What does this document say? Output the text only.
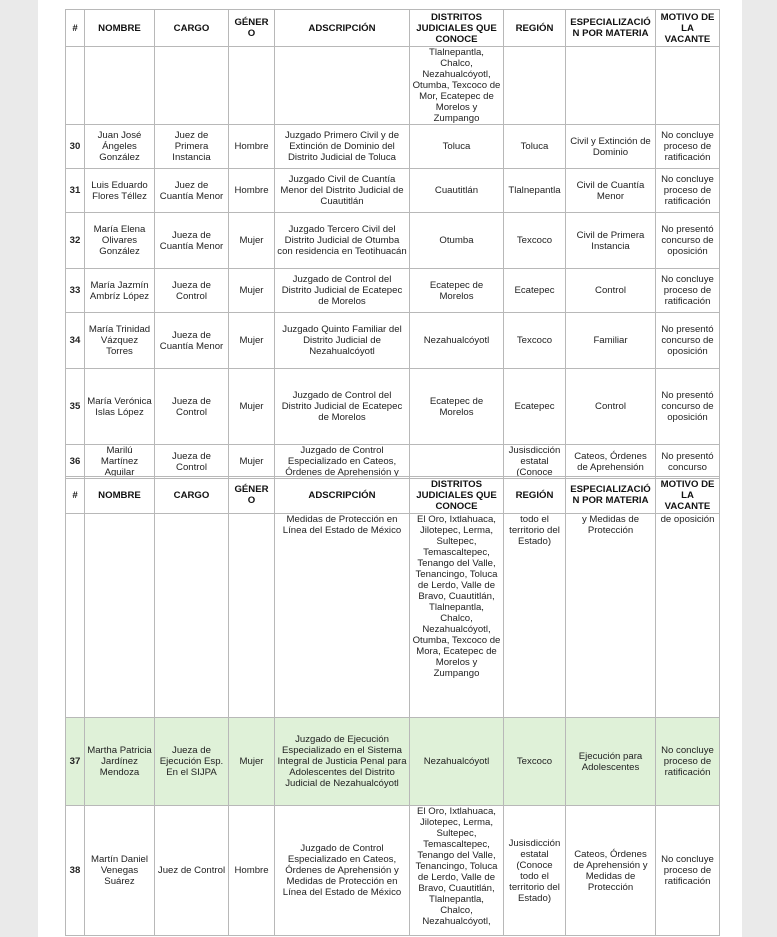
#	NOMBRE	CARGO	GÉNERO	ADSCRIPCIÓN	DISTRITOS JUDICIALES QUE CONOCE	REGIÓN	ESPECIALIZACIÓN POR MATERIA	MOTIVO DE LA VACANTE
					Tlalnepantla, Chalco, Nezahualcóyotl, Otumba, Texcoco de Mor, Ecatepec de Morelos y Zumpango			
30	Juan José Ángeles González	Juez de Primera Instancia	Hombre	Juzgado Primero Civil y de Extinción de Dominio del Distrito Judicial de Toluca	Toluca	Toluca	Civil y Extinción de Dominio	No concluye proceso de ratificación
31	Luis Eduardo Flores Téllez	Juez de Cuantía Menor	Hombre	Juzgado Civil de Cuantía Menor del Distrito Judicial de Cuautitlán	Cuautitlán	Tlalnepantla	Civil de Cuantía Menor	No concluye proceso de ratificación
32	María Elena Olivares González	Jueza de Cuantía Menor	Mujer	Juzgado Tercero Civil del Distrito Judicial de Otumba con residencia en Teotihuacán	Otumba	Texcoco	Civil de Primera Instancia	No presentó concurso de oposición
33	María Jazmín Ambríz López	Jueza de Control	Mujer	Juzgado de Control del Distrito Judicial de Ecatepec de Morelos	Ecatepec de Morelos	Ecatepec	Control	No concluye proceso de ratificación
34	María Trinidad Vázquez Torres	Jueza de Cuantía Menor	Mujer	Juzgado Quinto Familiar del Distrito Judicial de Nezahualcóyotl	Nezahualcóyotl	Texcoco	Familiar	No presentó concurso de oposición
35	María Verónica Islas López	Jueza de Control	Mujer	Juzgado de Control del Distrito Judicial de Ecatepec de Morelos	Ecatepec de Morelos	Ecatepec	Control	No presentó concurso de oposición
36	Marilú Martínez Aguilar	Jueza de Control	Mujer	Juzgado de Control Especializado en Cateos, Órdenes de Aprehensión y		Jusisdicción estatal (Conoce	Cateos, Órdenes de Aprehensión	No presentó concurso
#	NOMBRE	CARGO	GÉNERO	ADSCRIPCIÓN	DISTRITOS JUDICIALES QUE CONOCE	REGIÓN	ESPECIALIZACIÓN POR MATERIA	MOTIVO DE LA VACANTE
				Medidas de Protección en Línea del Estado de México	El Oro, Ixtlahuaca, Jilotepec, Lerma, Sultepec, Temascaltepec, Tenango del Valle, Tenancingo, Toluca de Lerdo, Valle de Bravo, Cuautitlán, Tlalnepantla, Chalco, Nezahualcóyotl, Otumba, Texcoco de Mora, Ecatepec de Morelos y Zumpango	todo el territorio del Estado)	y Medidas de Protección	de oposición
37	Martha Patricia Jardínez Mendoza	Jueza de Ejecución Esp. En el SIJPA	Mujer	Juzgado de Ejecución Especializado en el Sistema Integral de Justicia Penal para Adolescentes del Distrito Judicial de Nezahualcóyotl	Nezahualcóyotl	Texcoco	Ejecución para Adolescentes	No concluye proceso de ratificación
38	Martín Daniel Venegas Suárez	Juez de Control	Hombre	Juzgado de Control Especializado en Cateos, Órdenes de Aprehensión y Medidas de Protección en Línea del Estado de México	El Oro, Ixtlahuaca, Jilotepec, Lerma, Sultepec, Temascaltepec, Tenango del Valle, Tenancingo, Toluca de Lerdo, Valle de Bravo, Cuautitlán, Tlalnepantla, Chalco, Nezahualcóyotl,	Jusisdicción estatal (Conoce todo el territorio del Estado)	Cateos, Órdenes de Aprehensión y Medidas de Protección	No concluye proceso de ratificación
